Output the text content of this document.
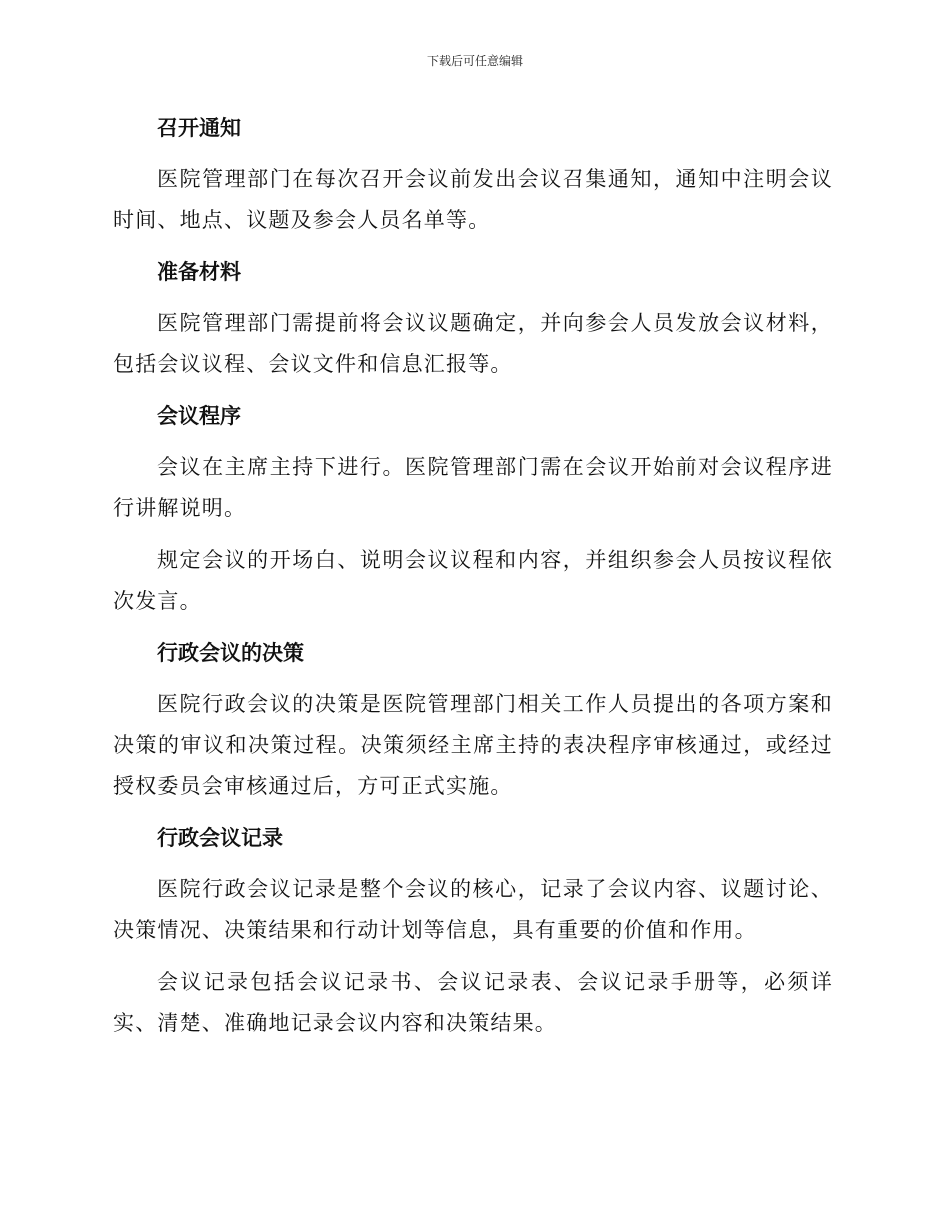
下载后可任意编辑
召开通知

医院管理部门在每次召开会议前发出会议召集通知，通知中注明会议时间、地点、议题及参会人员名单等。

准备材料

医院管理部门需提前将会议议题确定，并向参会人员发放会议材料，包括会议议程、会议文件和信息汇报等。

会议程序

会议在主席主持下进行。医院管理部门需在会议开始前对会议程序进行讲解说明。

规定会议的开场白、说明会议议程和内容，并组织参会人员按议程依次发言。

行政会议的决策

医院行政会议的决策是医院管理部门相关工作人员提出的各项方案和决策的审议和决策过程。决策须经主席主持的表决程序审核通过，或经过授权委员会审核通过后，方可正式实施。

行政会议记录

医院行政会议记录是整个会议的核心，记录了会议内容、议题讨论、决策情况、决策结果和行动计划等信息，具有重要的价值和作用。

会议记录包括会议记录书、会议记录表、会议记录手册等，必须详实、清楚、准确地记录会议内容和决策结果。
